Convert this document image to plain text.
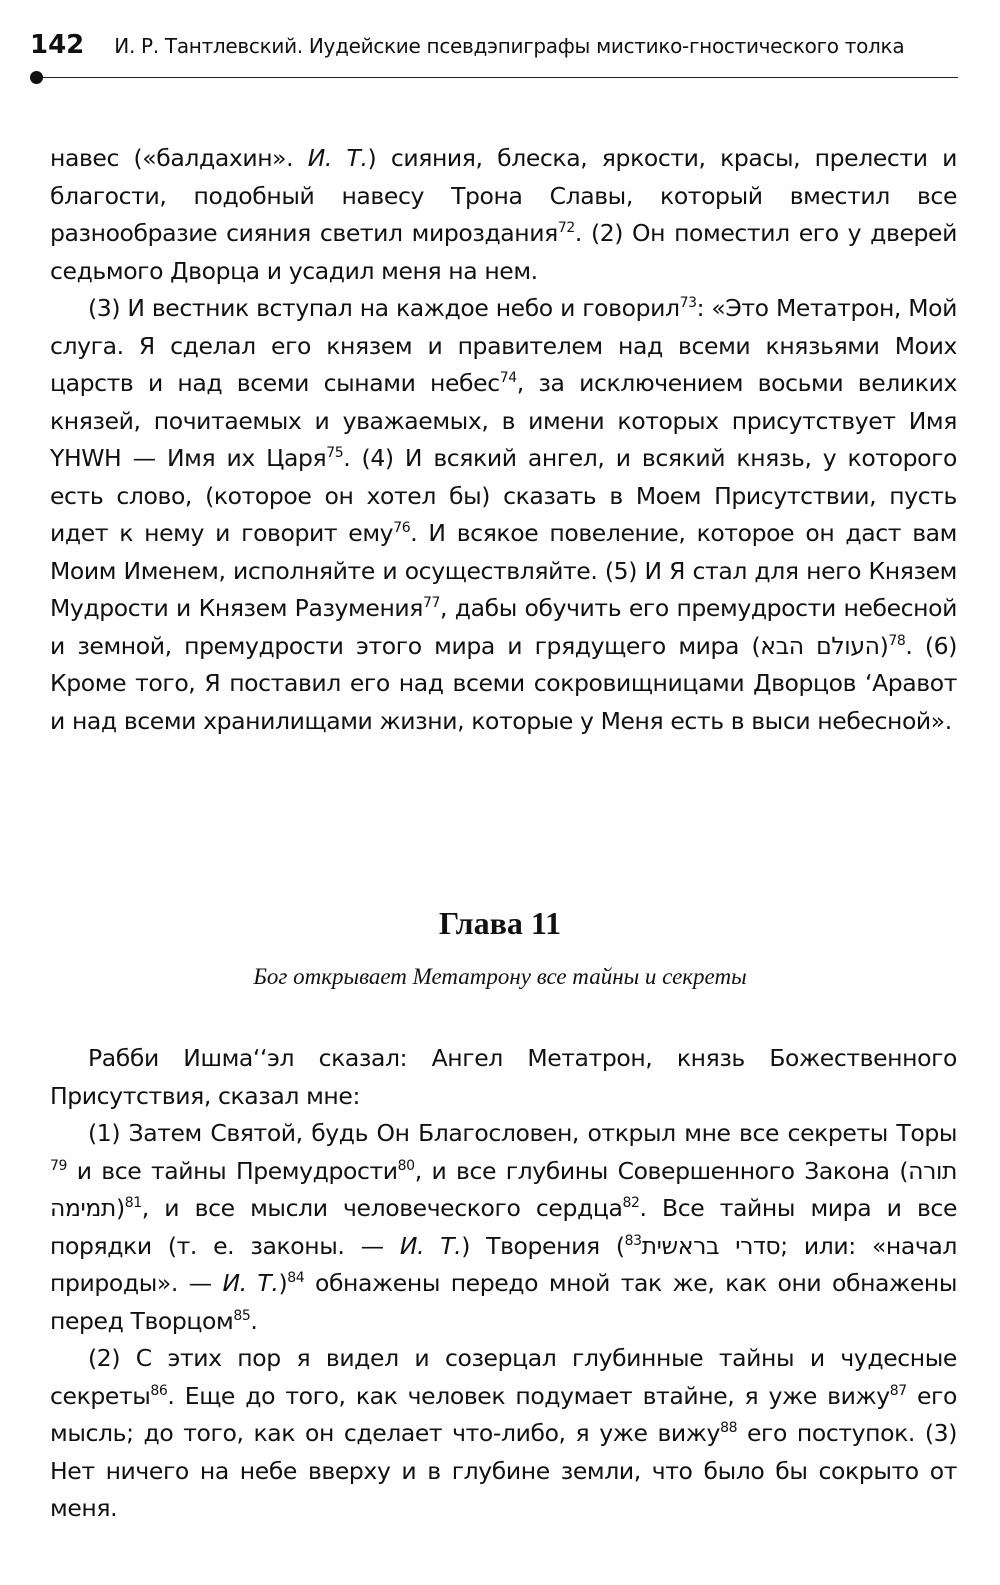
142 И. Р. Тантлевский. Иудейские псевдэпиграфы мистико-гностического толка

навес («балдахин». И. Т.) сияния, блеска, яркости, красы, прелести и благости, подобный навесу Трона Славы, который вместил все разнообразие сияния светил мироздания$^{72}$. (2) Он поместил его у дверей седьмого Дворца и усадил меня на нем.

(3) И вестник вступал на каждое небо и говорил$^{73}$: «Это Метатрон, Мой слуга. Я сделал его князем и правителем над всеми князьями Моих царств и над всеми сынами небес$^{74}$, за исключением восьми великих князей, почитаемых и уважаемых, в имени которых присутствует Имя YHWH — Имя их Царя$^{75}$. (4) И всякий ангел, и всякий князь, у которого есть слово, (которое он хотел бы) сказать в Моем Присутствии, пусть идет к нему и говорит ему$^{76}$. И всякое повеление, которое он даст вам Моим Именем, исполняйте и осуществляйте. (5) И Я стал для него Князем Мудрости и Князем Разумения$^{77}$, дабы обучить его премудрости небесной и земной, премудрости этого мира и грядущего мира (העולם הבא)$^{78}$. (6) Кроме того, Я поставил его над всеми сокровищницами Дворцов ‘Аравот и над всеми хранилищами жизни, которые у Меня есть в выси небесной».

Глава 11
Бог открывает Метатрону все тайны и секреты

Рабби Ишма‘‘эл сказал: Ангел Метатрон, князь Божественного Присутствия, сказал мне:

(1) Затем Святой, будь Он Благословен, открыл мне все секреты Торы $^{79}$ и все тайны Премудрости$^{80}$, и все глубины Совершенного Закона (תורה תמימה)$^{81}$, и все мысли человеческого сердца$^{82}$. Все тайны мира и все порядки (т. е. законы. — И. Т.) Творения ($^{83}$סדרי בראשית; или: «начал природы». — И. Т.)$^{84}$ обнажены передо мной так же, как они обнажены перед Творцом$^{85}$.

(2) С этих пор я видел и созерцал глубинные тайны и чудесные секреты$^{86}$. Еще до того, как человек подумает втайне, я уже вижу$^{87}$ его мысль; до того, как он сделает что-либо, я уже вижу$^{88}$ его поступок. (3) Нет ничего на небе вверху и в глубине земли, что было бы сокрыто от меня.
